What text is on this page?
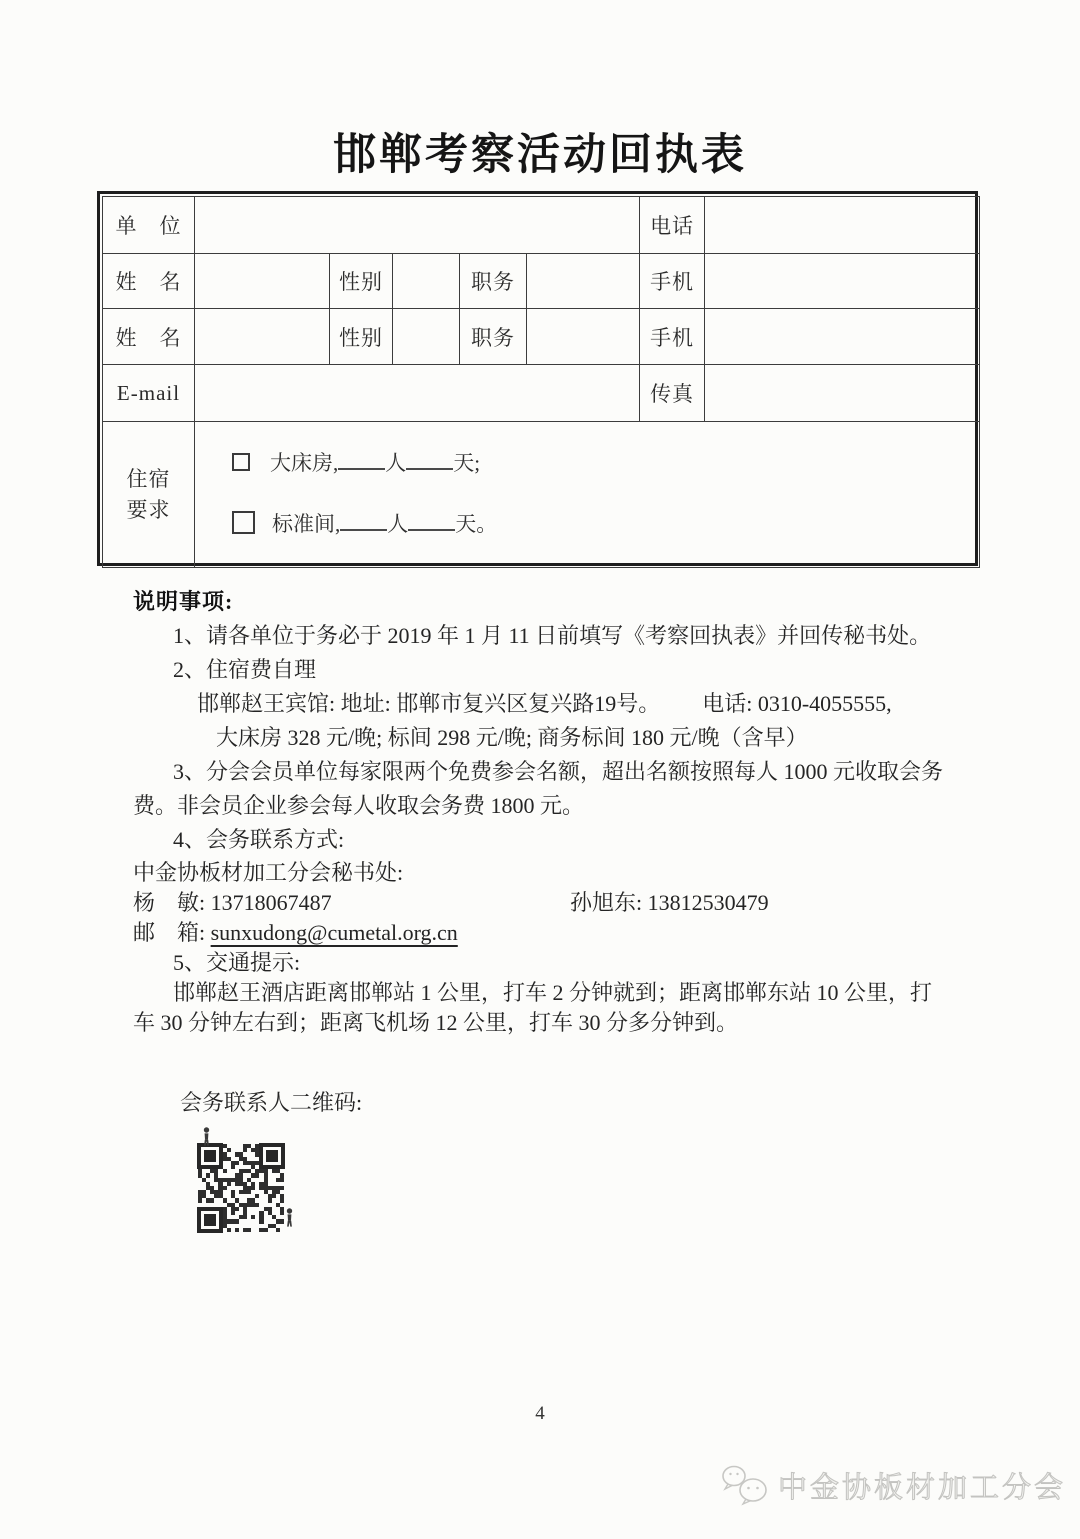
邯郸考察活动回执表
单　位						电话	
姓　名		性别		职务		手机	
姓　名		性别		职务		手机	
E-mail						传真	

住宿
要求

大床房, 人 天;
标准间, 人 天。
说明事项:
1、请各单位于务必于 2019 年 1 月 11 日前填写《考察回执表》并回传秘书处。
2、住宿费自理
邯郸赵王宾馆: 地址: 邯郸市复兴区复兴路19号。 电话: 0310-4055555,
大床房 328 元/晚; 标间 298 元/晚; 商务标间 180 元/晚（含早）
3、分会会员单位每家限两个免费参会名额，超出名额按照每人 1000 元收取会务
费。非会员企业参会每人收取会务费 1800 元。
4、会务联系方式:
中金协板材加工分会秘书处:
杨　敏: 13718067487	孙旭东: 13812530479
邮　箱: sunxudong@cumetal.org.cn
5、交通提示:
邯郸赵王酒店距离邯郸站 1 公里，打车 2 分钟就到；距离邯郸东站 10 公里，打
车 30 分钟左右到；距离飞机场 12 公里，打车 30 分多分钟到。
会务联系人二维码:
4
中金协板材加工分会
